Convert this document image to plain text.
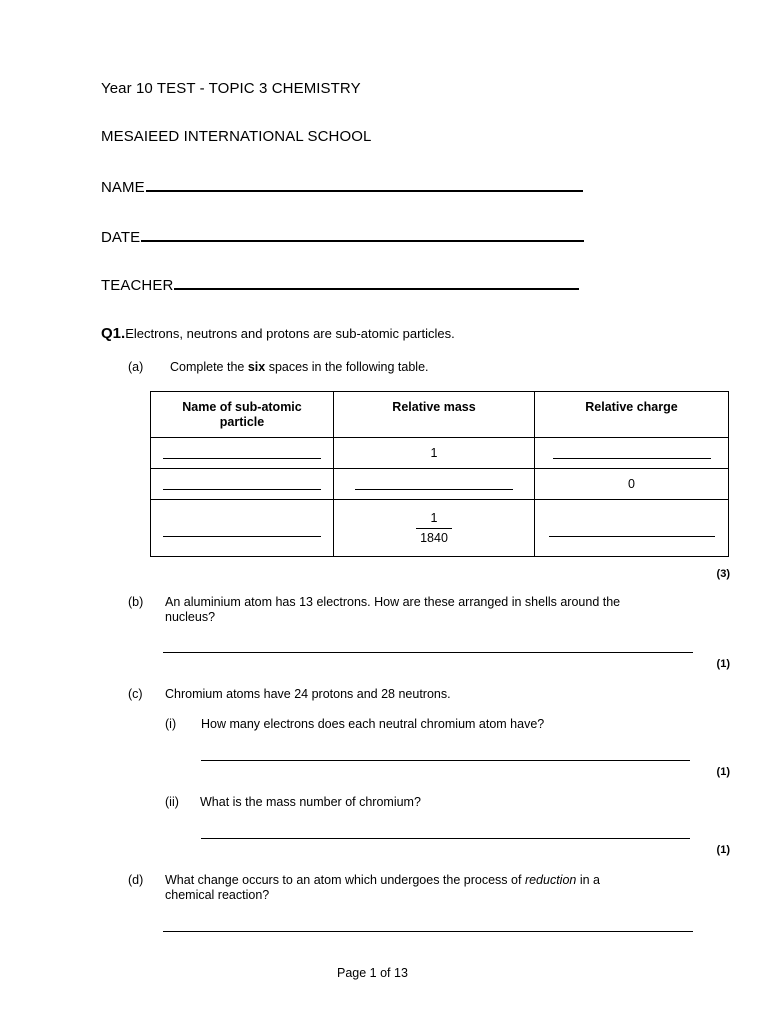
Year 10 TEST - TOPIC 3 CHEMISTRY
MESAIEED INTERNATIONAL SCHOOL
NAME
DATE
TEACHER
Q1.Electrons, neutrons and protons are sub-atomic particles.
(a) Complete the six spaces in the following table.
Name of sub-atomic particle	Relative mass	Relative charge
	1	
		0

	$\frac{1}{1840}$

(3)
(b) An aluminium atom has 13 electrons. How are these arranged in shells around the
nucleus?
(1)
(c) Chromium atoms have 24 protons and 28 neutrons.
(i) How many electrons does each neutral chromium atom have?
(1)
(ii) What is the mass number of chromium?
(1)
(d) What change occurs to an atom which undergoes the process of reduction in a
chemical reaction?
Page 1 of 13
